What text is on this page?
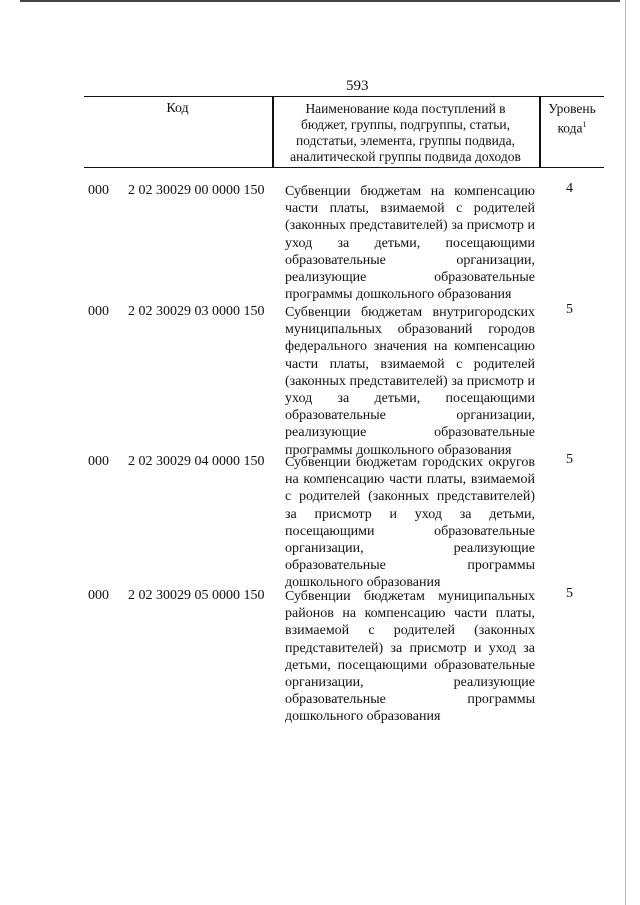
593
Код	Наименование кода поступлений в
бюджет, группы, подгруппы, статьи,
подстатьи, элемента, группы подвида,
аналитической группы подвида доходов
Уровень
кода$^1$
000 2 02 30029 00 0000 150 Субвенции бюджетам на компенсацию части платы, взимаемой с родителей (законных представителей) за присмотр и уход за детьми, посещающими образовательные организации, реализующие образовательные программы дошкольного образования
4
000 2 02 30029 03 0000 150 Субвенции бюджетам внутригородских муниципальных образований городов федерального значения на компенсацию части платы, взимаемой с родителей (законных представителей) за присмотр и уход за детьми, посещающими образовательные организации, реализующие образовательные программы дошкольного образования
5
000 2 02 30029 04 0000 150 Субвенции бюджетам городских округов на компенсацию части платы, взимаемой с родителей (законных представителей) за присмотр и уход за детьми, посещающими образовательные организации, реализующие образовательные программы дошкольного образования
5
000 2 02 30029 05 0000 150 Субвенции бюджетам муниципальных районов на компенсацию части платы, взимаемой с родителей (законных представителей) за присмотр и уход за детьми, посещающими образовательные организации, реализующие образовательные программы дошкольного образования
5
